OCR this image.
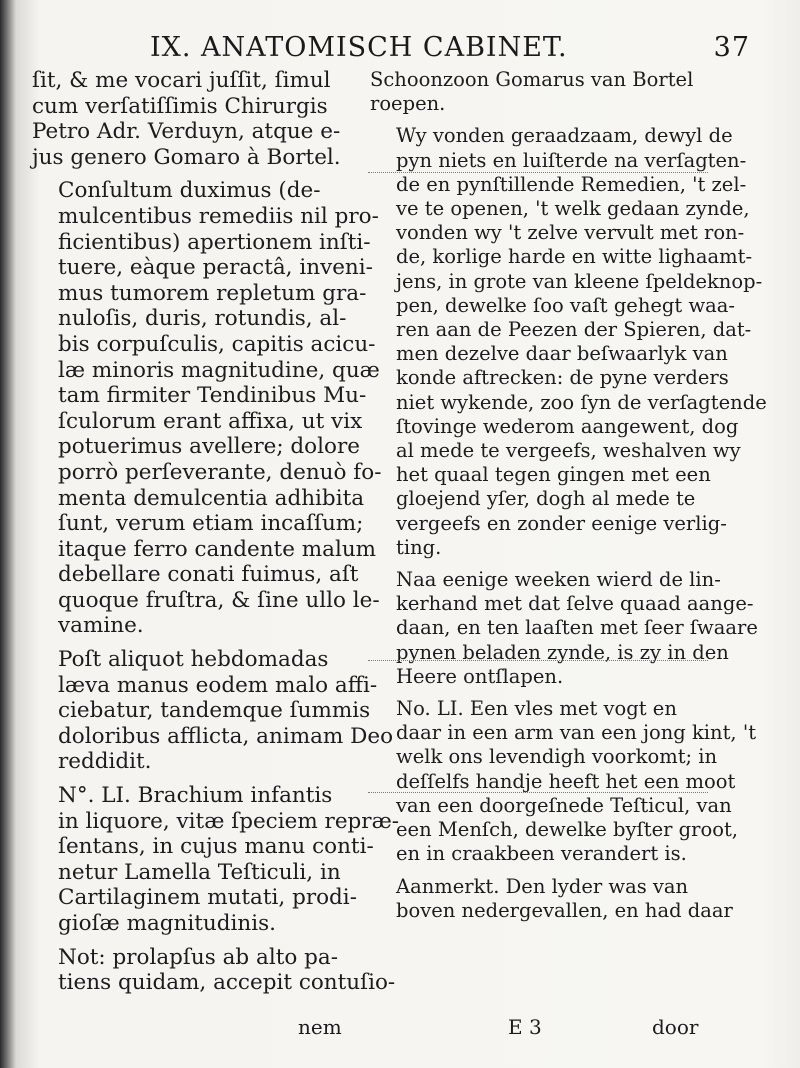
IX. ANATOMISCH CABINET.	37
ſit, & me vocari juſſit, ſimul
cum verſatiſſimis Chirurgis
Petro Adr. Verduyn, atque e-
jus genero Gomaro à Bortel.
Conſultum duximus (de-
mulcentibus remediis nil pro-
ficientibus) apertionem inſti-
tuere, eàque peractâ, inveni-
mus tumorem repletum gra-
nuloſis, duris, rotundis, al-
bis corpuſculis, capitis acicu-
læ minoris magnitudine, quæ
tam firmiter Tendinibus Mu-
ſculorum erant affixa, ut vix
potuerimus avellere; dolore
porrò perſeverante, denuò fo-
menta demulcentia adhibita
ſunt, verum etiam incaſſum;
itaque ferro candente malum
debellare conati fuimus, aſt
quoque fruſtra, & ſine ullo le-
vamine.
Poſt aliquot hebdomadas
læva manus eodem malo affi-
ciebatur, tandemque ſummis
doloribus afflicta, animam Deo
reddidit.
N°. LI. Brachium infantis
in liquore, vitæ ſpeciem repræ-
ſentans, in cujus manu conti-
netur Lamella Teſticuli, in
Cartilaginem mutati, prodi-
gioſæ magnitudinis.
Not: prolapſus ab alto pa-
tiens quidam, accepit contuſio-
Schoonzoon Gomarus van Bortel
roepen.
Wy vonden geraadzaam, dewyl de
pyn niets en luiſterde na verſagten-
de en pynſtillende Remedien, 't zel-
ve te openen, 't welk gedaan zynde,
vonden wy 't zelve vervult met ron-
de, korlige harde en witte lighaamt-
jens, in grote van kleene ſpeldeknop-
pen, dewelke ſoo vaſt gehegt waa-
ren aan de Peezen der Spieren, dat-
men dezelve daar beſwaarlyk van
konde aftrecken: de pyne verders
niet wykende, zoo ſyn de verſagtende
ſtovinge wederom aangewent, dog
al mede te vergeefs, weshalven wy
het quaal tegen gingen met een
gloejend yſer, dogh al mede te
vergeefs en zonder eenige verlig-
ting.
Naa eenige weeken wierd de lin-
kerhand met dat ſelve quaad aange-
daan, en ten laaſten met ſeer ſwaare
pynen beladen zynde, is zy in den
Heere ontſlapen.
No. LI. Een vles met vogt en
daar in een arm van een jong kint, 't
welk ons levendigh voorkomt; in
deſſelfs handje heeft het een moot
van een doorgeſnede Teſticul, van
een Menſch, dewelke byſter groot,
en in craakbeen verandert is.
Aanmerkt. Den lyder was van
boven nedergevallen, en had daar
nem	E 3	door
